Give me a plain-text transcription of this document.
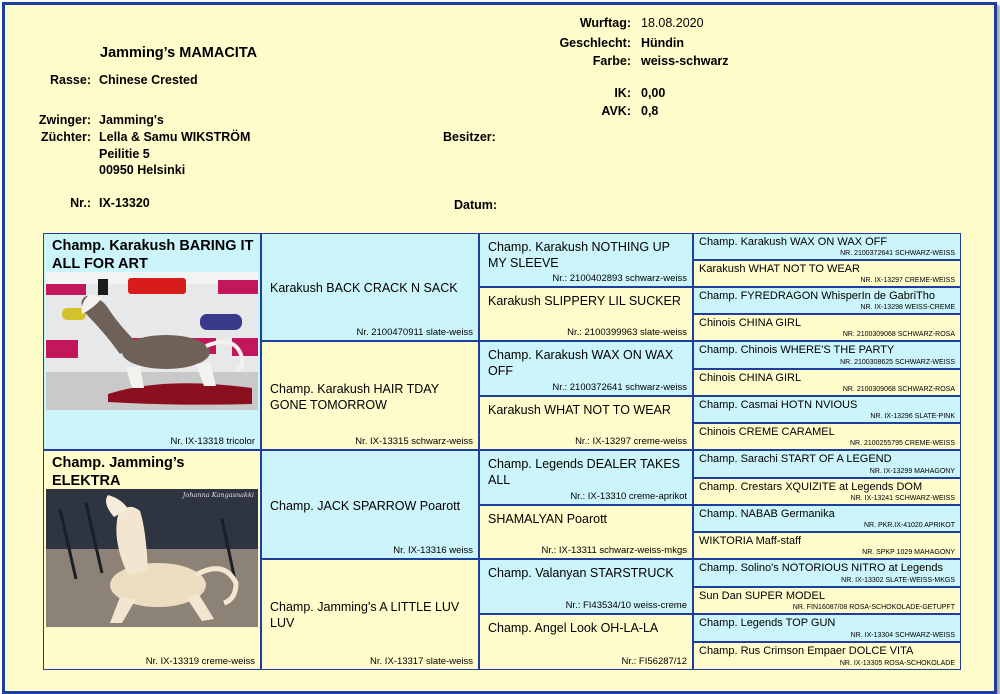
Jamming’s MAMACITA
Rasse: Chinese Crested
Zwinger: Jamming's
Züchter: Lella & Samu WIKSTRÖM
Peilitie 5
00950 Helsinki
Nr.: IX-13320
Wurftag: 18.08.2020
Geschlecht: Hündin
Farbe: weiss-schwarz
IK: 0,00
AVK: 0,8
Besitzer:
Datum:
Champ. Karakush BARING IT ALL FOR ART
Nr. IX-13318 tricolor
Champ. Jamming’s ELEKTRA
Johanna Kangasnakki
Nr. IX-13319 creme-weiss
Karakush BACK CRACK N SACK
Nr. 2100470911 slate-weiss
Champ. Karakush HAIR TDAY GONE TOMORROW
Nr. IX-13315 schwarz-weiss
Champ. JACK SPARROW Poarott
Nr. IX-13316 weiss
Champ. Jamming's A LITTLE LUV LUV
Nr. IX-13317 slate-weiss
Champ. Karakush NOTHING UP MY SLEEVE
Nr.: 2100402893 schwarz-weiss
Karakush SLIPPERY LIL SUCKER
Nr.: 2100399963 slate-weiss
Champ. Karakush WAX ON WAX OFF
Nr.: 2100372641 schwarz-weiss
Karakush WHAT NOT TO WEAR
Nr.: IX-13297 creme-weiss
Champ. Legends DEALER TAKES ALL
Nr.: IX-13310 creme-aprikot
SHAMALYAN Poarott
Nr.: IX-13311 schwarz-weiss-mkgs
Champ. Valanyan STARSTRUCK
Nr.: FI43534/10 weiss-creme
Champ. Angel Look OH-LA-LA
Nr.: FI56287/12
Champ. Karakush WAX ON WAX OFF
NR. 2100372641 SCHWARZ-WEISS
Karakush WHAT NOT TO WEAR
NR. IX-13297 CREME-WEISS
Champ. FYREDRAGON WhisperIn de GabriTho
NR. IX-13298 WEISS-CREME
Chinois CHINA GIRL
NR. 2100309068 SCHWARZ-ROSA
Champ. Chinois WHERE'S THE PARTY
NR. 2100308625 SCHWARZ-WEISS
Chinois CHINA GIRL
NR. 2100309068 SCHWARZ-ROSA
Champ. Casmai HOTN NVIOUS
NR. IX-13296 SLATE-PINK
Chinois CREME CARAMEL
NR. 2100255795 CREME-WEISS
Champ. Sarachi START OF A LEGEND
NR. IX-13299 MAHAGONY
Champ. Crestars XQUIZITE at Legends DOM
NR. IX-13241 SCHWARZ-WEISS
Champ. NABAB Germanika
NR. PKR.IX-41020 APRIKOT
WIKTORIA Maff-staff
NR. SPKP 1029 MAHAGONY
Champ. Solino's NOTORIOUS NITRO at Legends
NR. IX-13302 SLATE-WEISS-MKGS
Sun Dan SUPER MODEL
NR. FIN16087/08 ROSA-SCHOKOLADE-GETUPFT
Champ. Legends TOP GUN
NR. IX-13304 SCHWARZ-WEISS
Champ. Rus Crimson Empaer DOLCE VITA
NR. IX-13305 ROSA-SCHOKOLADE
